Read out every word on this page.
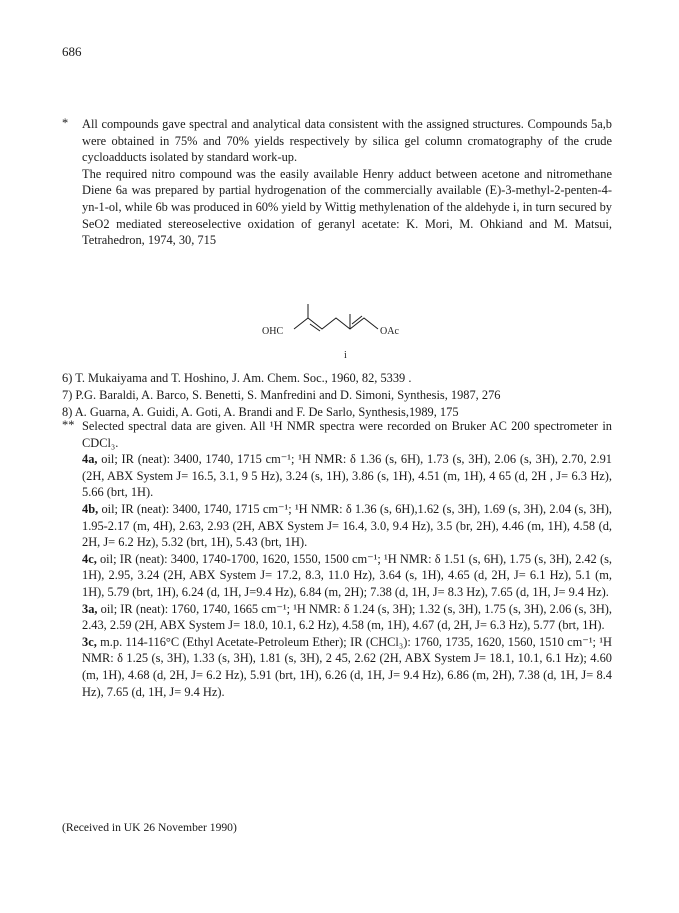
686
* All compounds gave spectral and analytical data consistent with the assigned structures. Compounds 5a,b were obtained in 75% and 70% yields respectively by silica gel column cromatography of the crude cycloadducts isolated by standard work-up.

The required nitro compound was the easily available Henry adduct between acetone and nitromethane Diene 6a was prepared by partial hydrogenation of the commercially available (E)-3-methyl-2-penten-4-yn-1-ol, while 6b was produced in 60% yield by Wittig methylenation of the aldehyde i, in turn secured by SeO2 mediated stereoselective oxidation of geranyl acetate: K. Mori, M. Ohkiand and M. Matsui, Tetrahedron, 1974, 30, 715

OHC	OAc
i

6) T. Mukaiyama and T. Hoshino, J. Am. Chem. Soc., 1960, 82, 5339 .

7) P.G. Baraldi, A. Barco, S. Benetti, S. Manfredini and D. Simoni, Synthesis, 1987, 276

8) A. Guarna, A. Guidi, A. Goti, A. Brandi and F. De Sarlo, Synthesis,1989, 175

** Selected spectral data are given. All ¹H NMR spectra were recorded on Bruker AC 200 spectrometer in CDCl₃.

4a, oil; IR (neat): 3400, 1740, 1715 cm⁻¹; ¹H NMR: δ 1.36 (s, 6H), 1.73 (s, 3H), 2.06 (s, 3H), 2.70, 2.91 (2H, ABX System J= 16.5, 3.1, 9 5 Hz), 3.24 (s, 1H), 3.86 (s, 1H), 4.51 (m, 1H), 4 65 (d, 2H , J= 6.3 Hz), 5.66 (brt, 1H).

4b, oil; IR (neat): 3400, 1740, 1715 cm⁻¹; ¹H NMR: δ 1.36 (s, 6H),1.62 (s, 3H), 1.69 (s, 3H), 2.04 (s, 3H), 1.95-2.17 (m, 4H), 2.63, 2.93 (2H, ABX System J= 16.4, 3.0, 9.4 Hz), 3.5 (br, 2H), 4.46 (m, 1H), 4.58 (d, 2H, J= 6.2 Hz), 5.32 (brt, 1H), 5.43 (brt, 1H).

4c, oil; IR (neat): 3400, 1740-1700, 1620, 1550, 1500 cm⁻¹; ¹H NMR: δ 1.51 (s, 6H), 1.75 (s, 3H), 2.42 (s, 1H), 2.95, 3.24 (2H, ABX System J= 17.2, 8.3, 11.0 Hz), 3.64 (s, 1H), 4.65 (d, 2H, J= 6.1 Hz), 5.1 (m, 1H), 5.79 (brt, 1H), 6.24 (d, 1H, J=9.4 Hz), 6.84 (m, 2H); 7.38 (d, 1H, J= 8.3 Hz), 7.65 (d, 1H, J= 9.4 Hz).

3a, oil; IR (neat): 1760, 1740, 1665 cm⁻¹; ¹H NMR: δ 1.24 (s, 3H); 1.32 (s, 3H), 1.75 (s, 3H), 2.06 (s, 3H), 2.43, 2.59 (2H, ABX System J= 18.0, 10.1, 6.2 Hz), 4.58 (m, 1H), 4.67 (d, 2H, J= 6.3 Hz), 5.77 (brt, 1H).

3c, m.p. 114-116°C (Ethyl Acetate-Petroleum Ether); IR (CHCl₃): 1760, 1735, 1620, 1560, 1510 cm⁻¹; ¹H NMR: δ 1.25 (s, 3H), 1.33 (s, 3H), 1.81 (s, 3H), 2 45, 2.62 (2H, ABX System J= 18.1, 10.1, 6.1 Hz); 4.60 (m, 1H), 4.68 (d, 2H, J= 6.2 Hz), 5.91 (brt, 1H), 6.26 (d, 1H, J= 9.4 Hz), 6.86 (m, 2H), 7.38 (d, 1H, J= 8.4 Hz), 7.65 (d, 1H, J= 9.4 Hz).

(Received in UK 26 November 1990)
